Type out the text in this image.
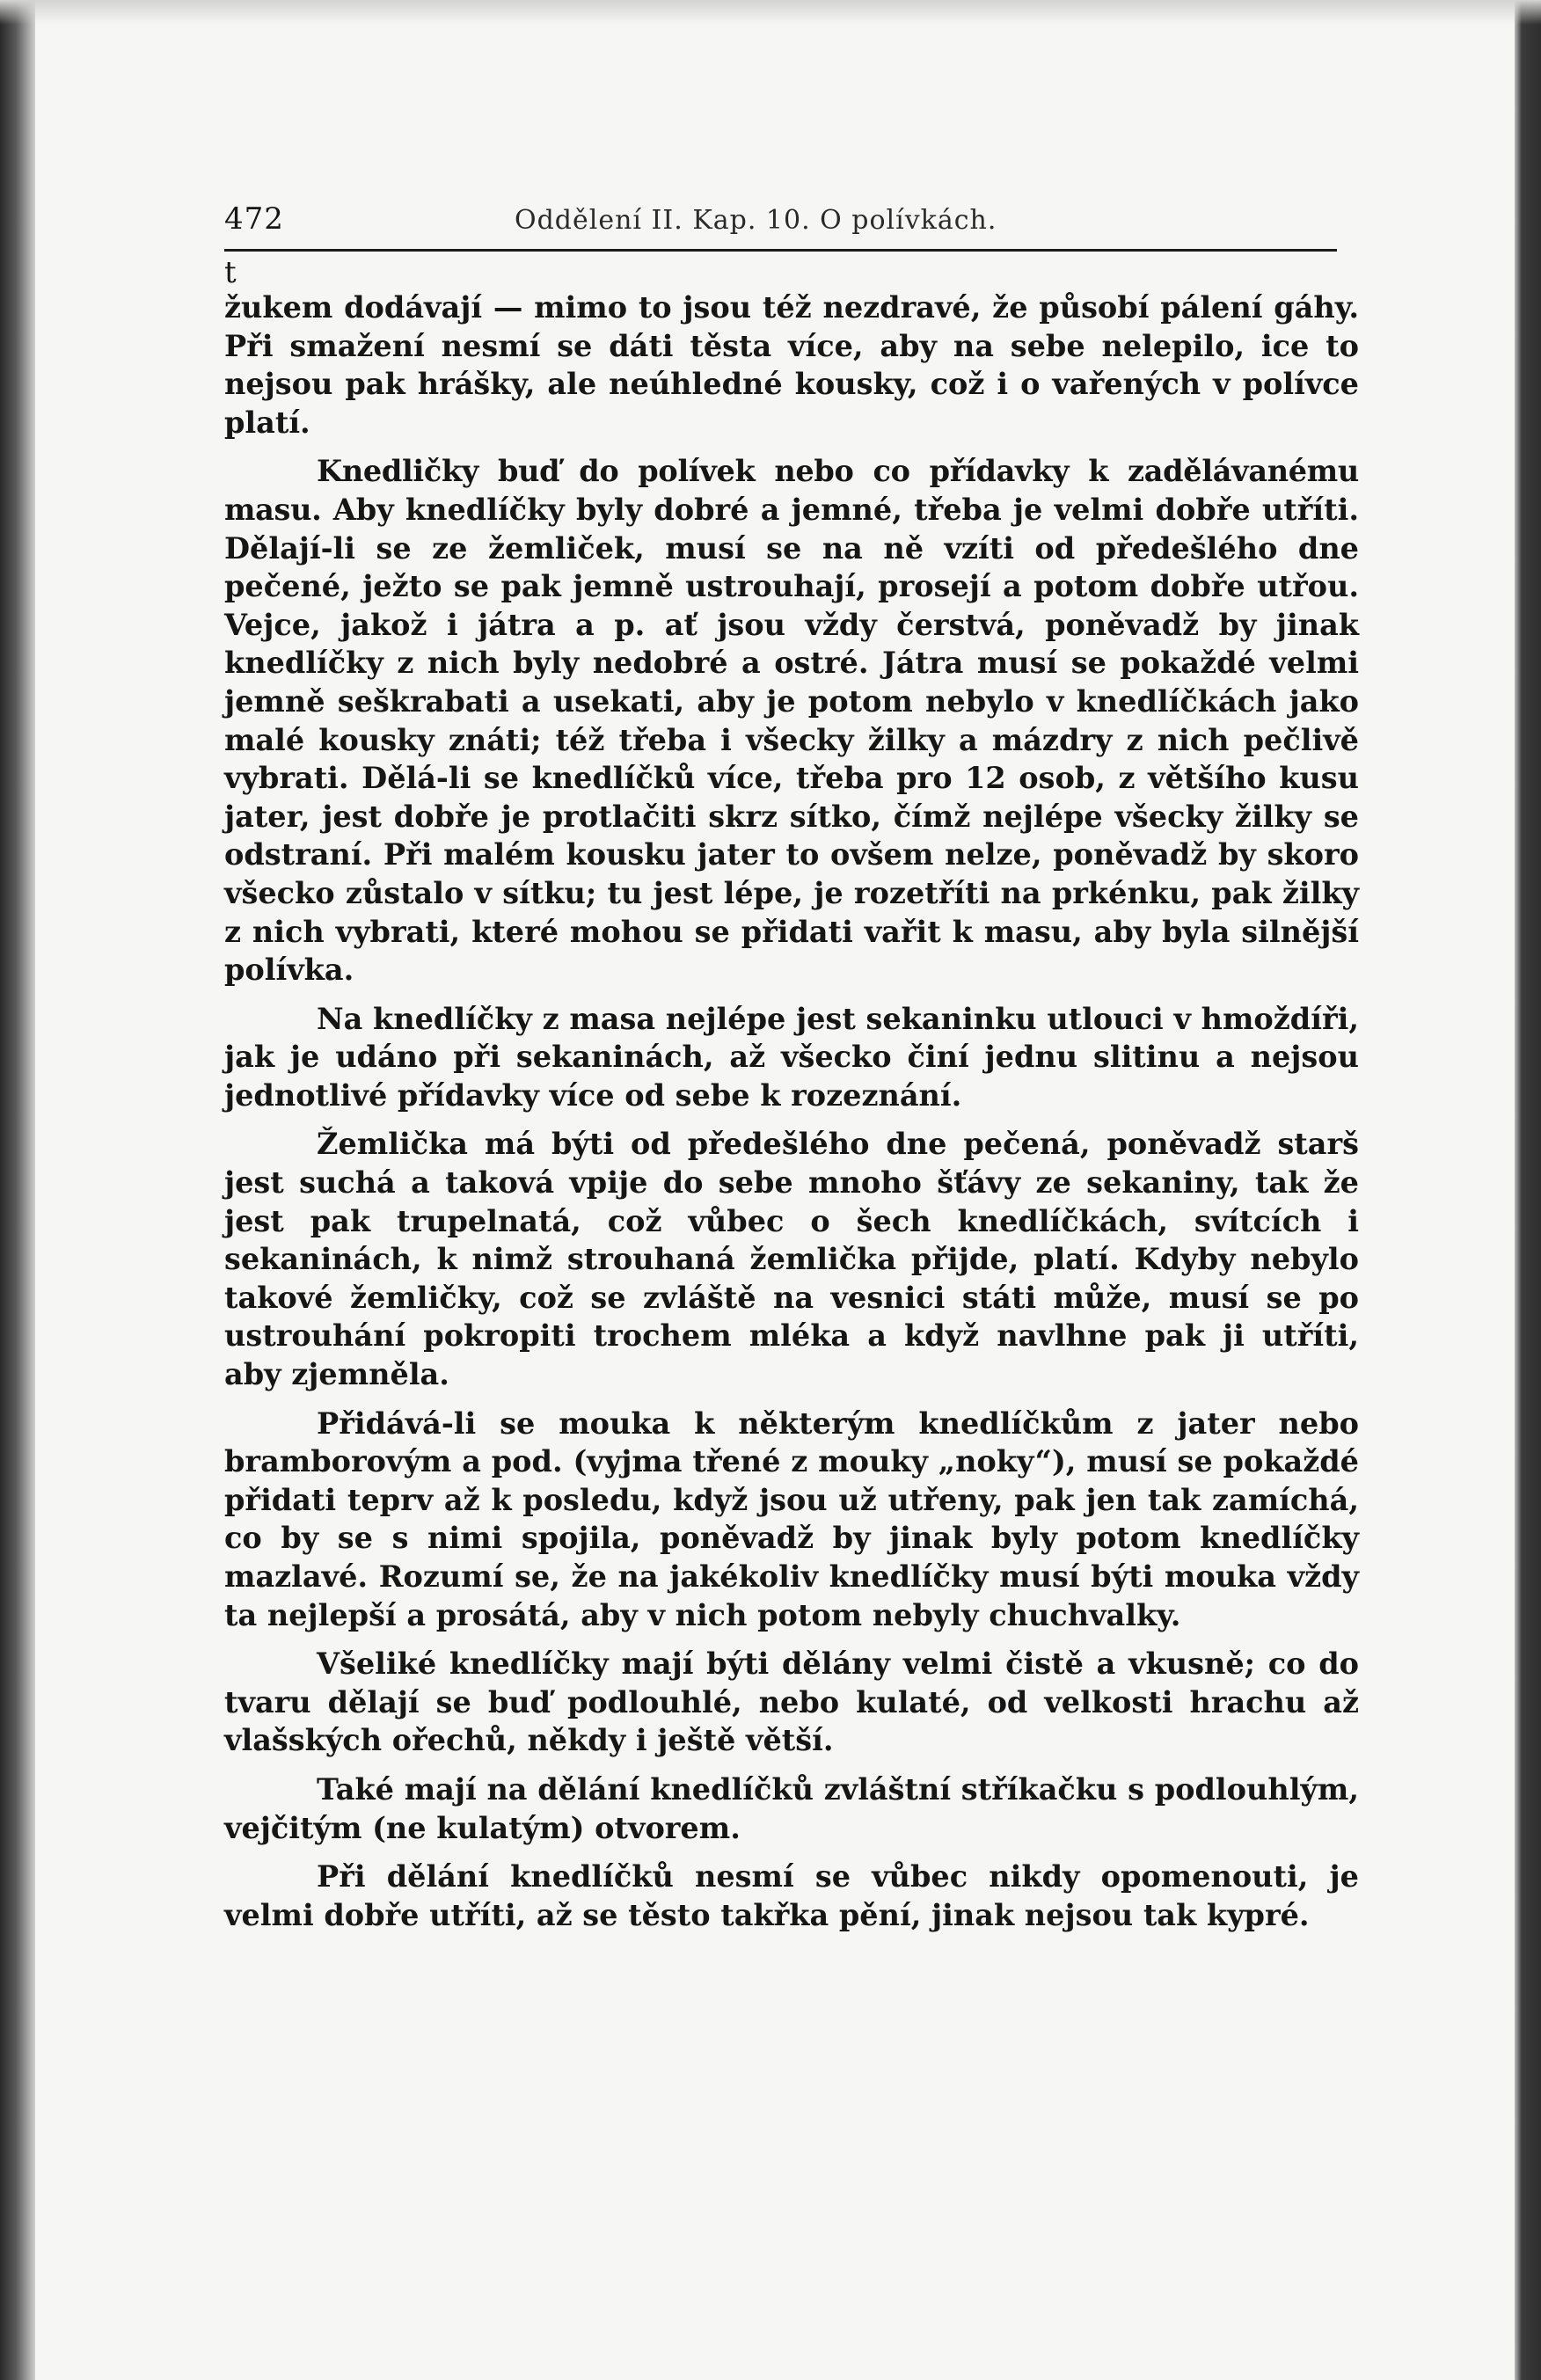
472	Oddělení II. Kap. 10. O polívkách.
t

žukem dodávají — mimo to jsou též nezdravé, že působí pálení gáhy. Při smažení nesmí se dáti těsta více, aby na sebe nelepilo, ice to nejsou pak hrášky, ale neúhledné kousky, což i o vařených v polívce platí.

Knedličky buď do polívek nebo co přídavky k zadělávanému masu. Aby knedlíčky byly dobré a jemné, třeba je velmi dobře utříti. Dělají-li se ze žemliček, musí se na ně vzíti od předešlého dne pečené, ježto se pak jemně ustrouhají, prosejí a potom dobře utřou. Vejce, jakož i játra a p. ať jsou vždy čerstvá, poněvadž by jinak knedlíčky z nich byly nedobré a ostré. Játra musí se pokaždé velmi jemně seškrabati a usekati, aby je potom nebylo v knedlíčkách jako malé kousky znáti; též třeba i všecky žilky a mázdry z nich pečlivě vybrati. Dělá-li se knedlíčků více, třeba pro 12 osob, z většího kusu jater, jest dobře je protlačiti skrz sítko, čímž nejlépe všecky žilky se odstraní. Při malém kousku jater to ovšem nelze, poněvadž by skoro všecko zůstalo v sítku; tu jest lépe, je rozetříti na prkénku, pak žilky z nich vybrati, které mohou se přidati vařit k masu, aby byla silnější polívka.

Na knedlíčky z masa nejlépe jest sekaninku utlouci v hmoždíři, jak je udáno při sekaninách, až všecko činí jednu slitinu a nejsou jednotlivé přídavky více od sebe k rozeznání.

Žemlička má býti od předešlého dne pečená, poněvadž starš jest suchá a taková vpije do sebe mnoho šťávy ze sekaniny, tak že jest pak trupelnatá, což vůbec o šech knedlíčkách, svítcích i sekaninách, k nimž strouhaná žemlička přijde, platí. Kdyby nebylo takové žemličky, což se zvláště na vesnici státi může, musí se po ustrouhání pokropiti trochem mléka a když navlhne pak ji utříti, aby zjemněla.

Přidává-li se mouka k některým knedlíčkům z jater nebo bramborovým a pod. (vyjma třené z mouky „noky“), musí se pokaždé přidati teprv až k posledu, když jsou už utřeny, pak jen tak zamíchá, co by se s nimi spojila, poněvadž by jinak byly potom knedlíčky mazlavé. Rozumí se, že na jakékoliv knedlíčky musí býti mouka vždy ta nejlepší a prosátá, aby v nich potom nebyly chuchvalky.

Všeliké knedlíčky mají býti dělány velmi čistě a vkusně; co do tvaru dělají se buď podlouhlé, nebo kulaté, od velkosti hrachu až vlašských ořechů, někdy i ještě větší.

Také mají na dělání knedlíčků zvláštní stříkačku s podlouhlým, vejčitým (ne kulatým) otvorem.

Při dělání knedlíčků nesmí se vůbec nikdy opomenouti, je velmi dobře utříti, až se těsto takřka pění, jinak nejsou tak kypré.
